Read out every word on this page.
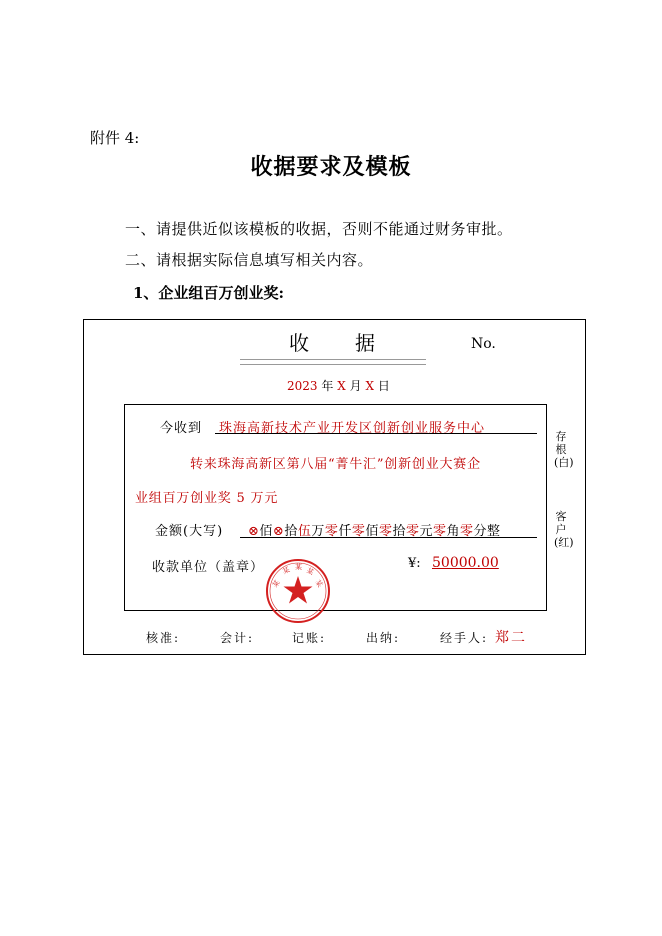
附件 4:
收据要求及模板
一、请提供近似该模板的收据，否则不能通过财务审批。
二、请根据实际信息填写相关内容。
1、企业组百万创业奖:
收 据	No.
2023 年 X 月 X 日
今收到 珠海高新技术产业开发区创新创业服务中心
转来珠海高新区第八届“菁牛汇”创新创业大赛企
业组百万创业奖 5 万元
金额(大写) ⊗佰⊗拾伍万零仟零佰零拾零元零角零分整
收款单位（盖章）	¥: 50000.00
某
某 某 某
某
存根(白)
客户(红)
核准:	会计:	记账:	出纳:	经手人: 郑二
